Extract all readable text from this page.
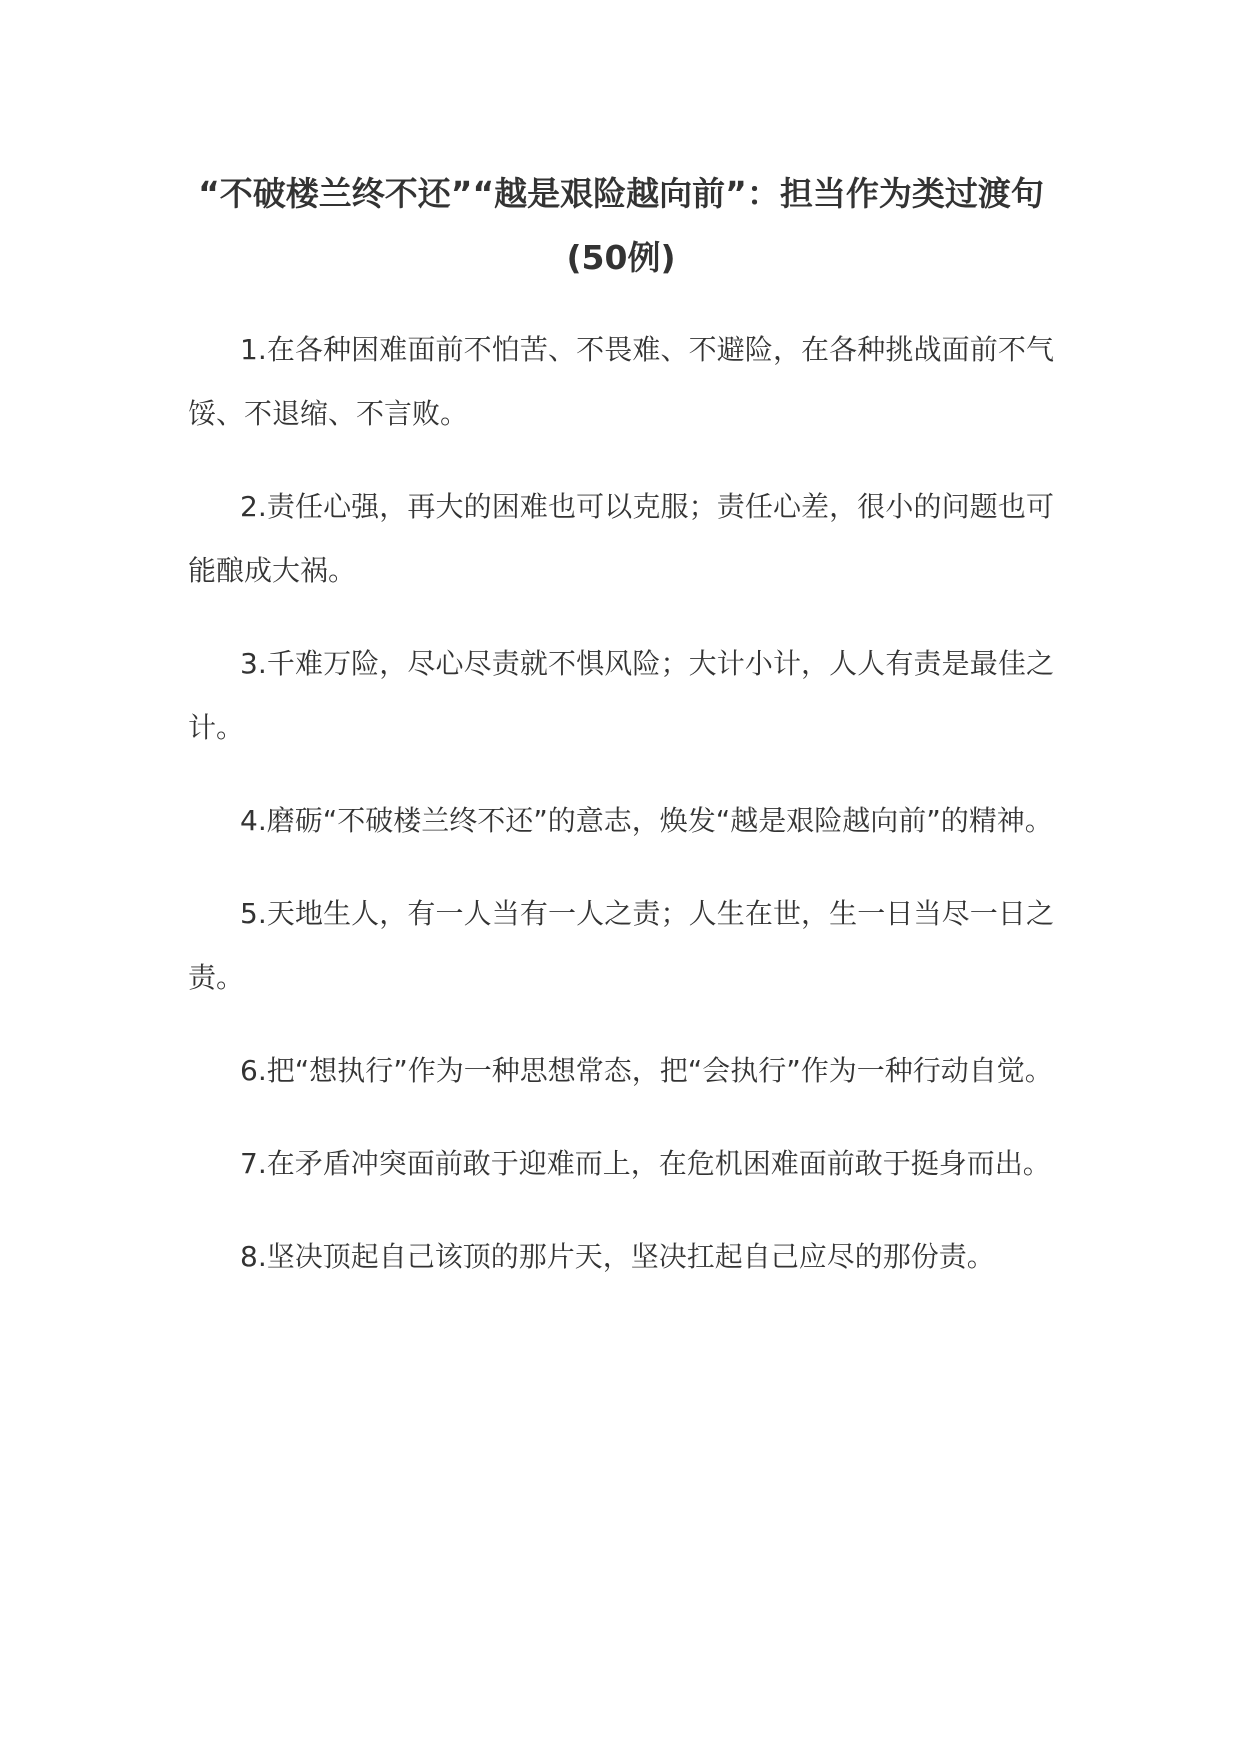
“不破楼兰终不还”“越是艰险越向前”：担当作为类过渡句(50例)

1.在各种困难面前不怕苦、不畏难、不避险，在各种挑战面前不气馁、不退缩、不言败。

2.责任心强，再大的困难也可以克服；责任心差，很小的问题也可能酿成大祸。

3.千难万险，尽心尽责就不惧风险；大计小计，人人有责是最佳之计。

4.磨砺“不破楼兰终不还”的意志，焕发“越是艰险越向前”的精神。

5.天地生人，有一人当有一人之责；人生在世，生一日当尽一日之责。

6.把“想执行”作为一种思想常态，把“会执行”作为一种行动自觉。

7.在矛盾冲突面前敢于迎难而上，在危机困难面前敢于挺身而出。

8.坚决顶起自己该顶的那片天，坚决扛起自己应尽的那份责。
